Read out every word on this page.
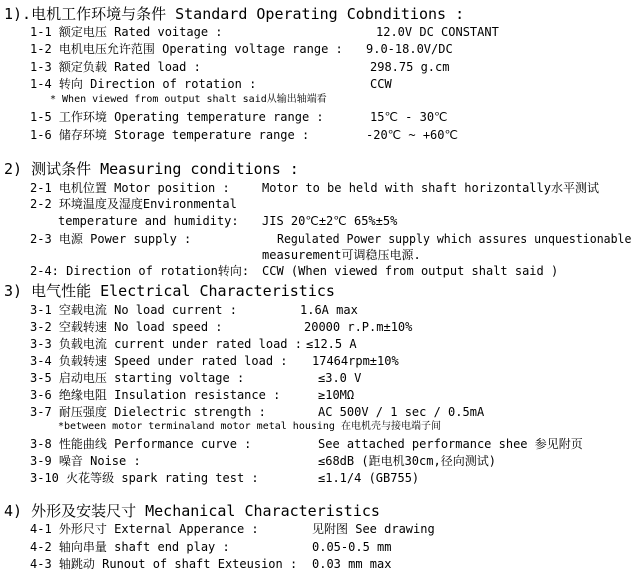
1).电机工作环境与条件 Standard Operating Cobnditions :
1-1 额定电压 Rated voitage :	12.0V DC CONSTANT
1-2 电机电压允许范围 Operating voltage range : 9.0-18.0V/DC
1-3 额定负载 Rated load :	298.75 g.cm
1-4 转向 Direction of rotation :	CCW
* When viewed from output shalt said从输出轴端看
1-5 工作环境 Operating temperature range :	15℃ - 30℃
1-6 储存环境 Storage temperature range :	-20℃ ~ +60℃
2) 测试条件 Measuring conditions :
2-1 电机位置 Motor position :	Motor to be held with shaft horizontally水平测试
2-2 环境温度及湿度Environmental
temperature and humidity: JIS 20℃±2℃ 65%±5%
2-3 电源 Power supply :	Regulated Power supply which assures unquestionable
measurement可调稳压电源.
2-4: Direction of rotation转向: CCW (When viewed from output shalt said )
3) 电气性能 Electrical Characteristics
3-1 空载电流 No load current :	1.6A max
3-2 空载转速 No load speed :	20000 r.P.m±10%
3-3 负载电流 current under rated load : ≤12.5 A
3-4 负载转速 Speed under rated load : 17464rpm±10%
3-5 启动电压 starting voltage :	≤3.0 V
3-6 绝缘电阻 Insulation resistance :	≥10MΩ
3-7 耐压强度 Dielectric strength :	AC 500V / 1 sec / 0.5mA
*between motor terminaland motor metal housing 在电机壳与接电端子间
3-8 性能曲线 Performance curve :	See attached performance shee 参见附页
3-9 噪音 Noise :	≤68dB (距电机30cm,径向测试)
3-10 火花等级 spark rating test :	≤1.1/4 (GB755)
4) 外形及安装尺寸 Mechanical Characteristics
4-1 外形尺寸 External Apperance :	见附图 See drawing
4-2 轴向串量 shaft end play :	0.05-0.5 mm
4-3 轴跳动 Runout of shaft Exteusion : 0.03 mm max
